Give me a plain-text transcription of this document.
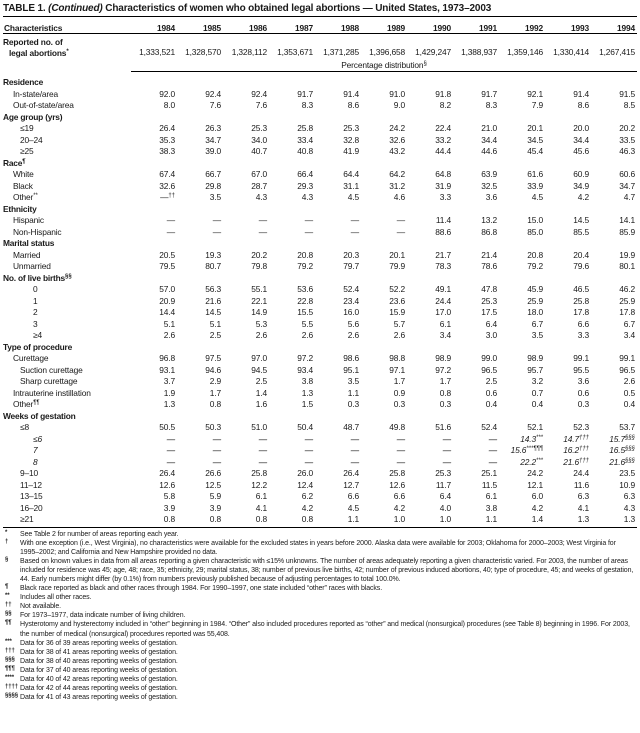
TABLE 1. (Continued) Characteristics of women who obtained legal abortions — United States, 1973–2003
Characteristics	1984	1985	1986	1987	1988	1989	1990	1991	1992	1993	1994

Reported no. of
legal abortions*	1,333,521	1,328,570	1,328,112	1,353,671	1,371,285	1,396,658	1,429,247	1,388,937	1,359,146	1,330,414	1,267,415
	Percentage distribution§

Residence											
In-state/area	92.0	92.4	92.4	91.7	91.4	91.0	91.8	91.7	92.1	91.4	91.5
Out-of-state/area	8.0	7.6	7.6	8.3	8.6	9.0	8.2	8.3	7.9	8.6	8.5
Age group (yrs)											
≤19	26.4	26.3	25.3	25.8	25.3	24.2	22.4	21.0	20.1	20.0	20.2
20–24	35.3	34.7	34.0	33.4	32.8	32.6	33.2	34.4	34.5	34.4	33.5
≥25	38.3	39.0	40.7	40.8	41.9	43.2	44.4	44.6	45.4	45.6	46.3
Race¶
White	67.4	66.7	67.0	66.4	64.4	64.2	64.8	63.9	61.6	60.9	60.6
Black	32.6	29.8	28.7	29.3	31.1	31.2	31.9	32.5	33.9	34.9	34.7
Other**	—††	3.5	4.3	4.3	4.5	4.6	3.3	3.6	4.5	4.2	4.7
Ethnicity											
Hispanic	—	—	—	—	—	—	11.4	13.2	15.0	14.5	14.1
Non-Hispanic	—	—	—	—	—	—	88.6	86.8	85.0	85.5	85.9
Marital status											
Married	20.5	19.3	20.2	20.8	20.3	20.1	21.7	21.4	20.8	20.4	19.9
Unmarried	79.5	80.7	79.8	79.2	79.7	79.9	78.3	78.6	79.2	79.6	80.1
No. of live births§§
0	57.0	56.3	55.1	53.6	52.4	52.2	49.1	47.8	45.9	46.5	46.2
1	20.9	21.6	22.1	22.8	23.4	23.6	24.4	25.3	25.9	25.8	25.9
2	14.4	14.5	14.9	15.5	16.0	15.9	17.0	17.5	18.0	17.8	17.8
3	5.1	5.1	5.3	5.5	5.6	5.7	6.1	6.4	6.7	6.6	6.7
≥4	2.6	2.5	2.6	2.6	2.6	2.6	3.4	3.0	3.5	3.3	3.4
Type of procedure											
Curettage	96.8	97.5	97.0	97.2	98.6	98.8	98.9	99.0	98.9	99.1	99.1
Suction curettage	93.1	94.6	94.5	93.4	95.1	97.1	97.2	96.5	95.7	95.5	96.5
Sharp curettage	3.7	2.9	2.5	3.8	3.5	1.7	1.7	2.5	3.2	3.6	2.6
Intrauterine instillation	1.9	1.7	1.4	1.3	1.1	0.9	0.8	0.6	0.7	0.6	0.5
Other¶¶	1.3	0.8	1.6	1.5	0.3	0.3	0.3	0.4	0.4	0.3	0.4
Weeks of gestation											
≤8	50.5	50.3	51.0	50.4	48.7	49.8	51.6	52.4	52.1	52.3	53.7
≤6	—	—	—	—	—	—	—	—	14.3***	14.7†††	15.7§§§
7	—	—	—	—	—	—	—	—	15.6***¶¶¶	16.2†††	16.5§§§
8	—	—	—	—	—	—	—	—	22.2***	21.6†††	21.6§§§
9–10	26.4	26.6	25.8	26.0	26.4	25.8	25.3	25.1	24.2	24.4	23.5
11–12	12.6	12.5	12.2	12.4	12.7	12.6	11.7	11.5	12.1	11.6	10.9
13–15	5.8	5.9	6.1	6.2	6.6	6.6	6.4	6.1	6.0	6.3	6.3
16–20	3.9	3.9	4.1	4.2	4.5	4.2	4.0	3.8	4.2	4.1	4.3
≥21	0.8	0.8	0.8	0.8	1.1	1.0	1.0	1.1	1.4	1.3	1.3
*	See Table 2 for number of areas reporting each year.
†	With one exception (i.e., West Virginia), no characteristics were available for the excluded states in years before 2000. Alaska data were available for 2003; Oklahoma for 2000–2003; West Virginia for 1995–2002; and California and New Hampshire provided no data.
§	Based on known values in data from all areas reporting a given characteristic with ≤15% unknowns. The number of areas adequately reporting a given characteristic varied. For 2003, the number of areas included for residence was 45; age, 48; race, 35; ethnicity, 29; marital status, 38; number of previous live births, 42; number of previous induced abortions, 40; type of procedure, 45; and weeks of gestation, 44. Early numbers might differ (by 0.1%) from numbers previously published because of adjusting percentages to total 100.0%.
¶	Black race reported as black and other races through 1984. For 1990–1997, one state included “other” races with blacks.
**	Includes all other races.
††	Not available.
§§	For 1973–1977, data indicate number of living children.
¶¶	Hysterotomy and hysterectomy included in “other” beginning in 1984. “Other” also included procedures reported as “other” and medical (nonsurgical) procedures (see Table 8) beginning in 1996. For 2003, the number of medical (nonsurgical) procedures reported was 55,408.
***	Data for 36 of 39 areas reporting weeks of gestation.
††† Data for 38 of 41 areas reporting weeks of gestation.
§§§ Data for 38 of 40 areas reporting weeks of gestation.
¶¶¶ Data for 37 of 40 areas reporting weeks of gestation.
**** Data for 40 of 42 areas reporting weeks of gestation.
†††† Data for 42 of 44 areas reporting weeks of gestation.
§§§§ Data for 41 of 43 areas reporting weeks of gestation.
